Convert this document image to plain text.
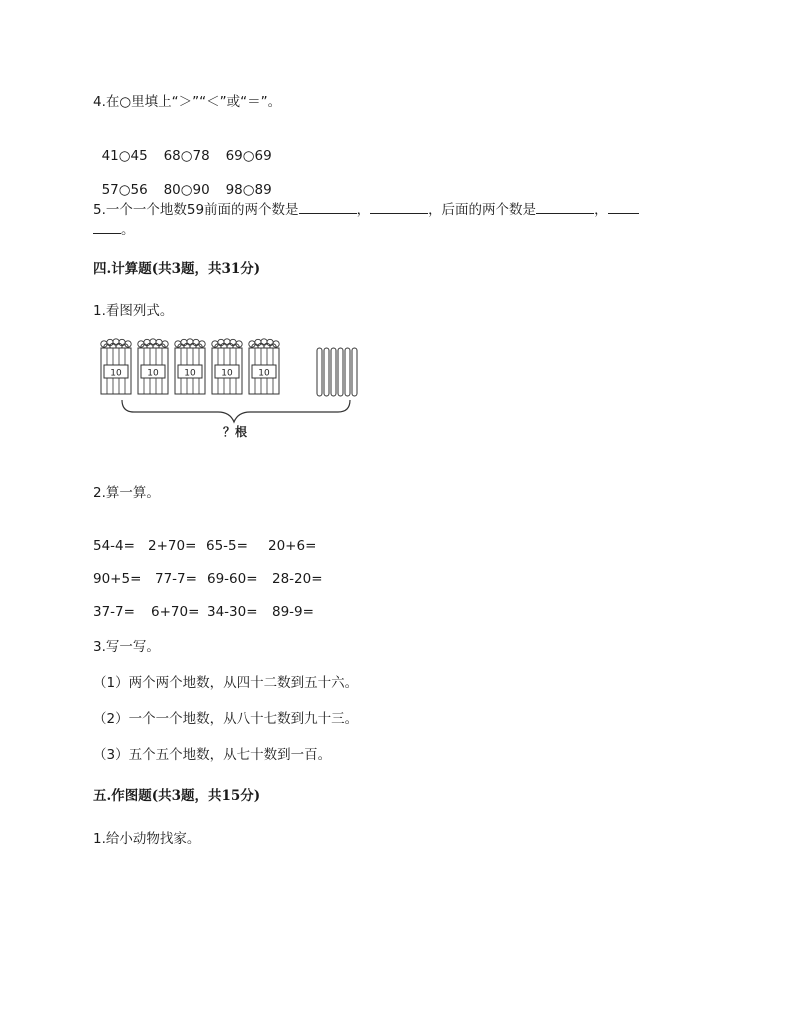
4.在○里填上“＞”“＜”或“＝”。

41○45 68○78 69○69

57○56 80○90 98○89

5.一个一个地数59前面的两个数是	，	，后面的两个数是	，
。
四.计算题(共3题，共31分)
1.看图列式。
10	10	10	10	10
？根
2.算一算。
54-4= 2+70= 65-5= 20+6=
90+5= 77-7= 69-60= 28-20=
37-7= 6+70= 34-30= 89-9=
3.写一写。
（1）两个两个地数，从四十二数到五十六。
（2）一个一个地数，从八十七数到九十三。
（3）五个五个地数，从七十数到一百。
五.作图题(共3题，共15分)
1.给小动物找家。
